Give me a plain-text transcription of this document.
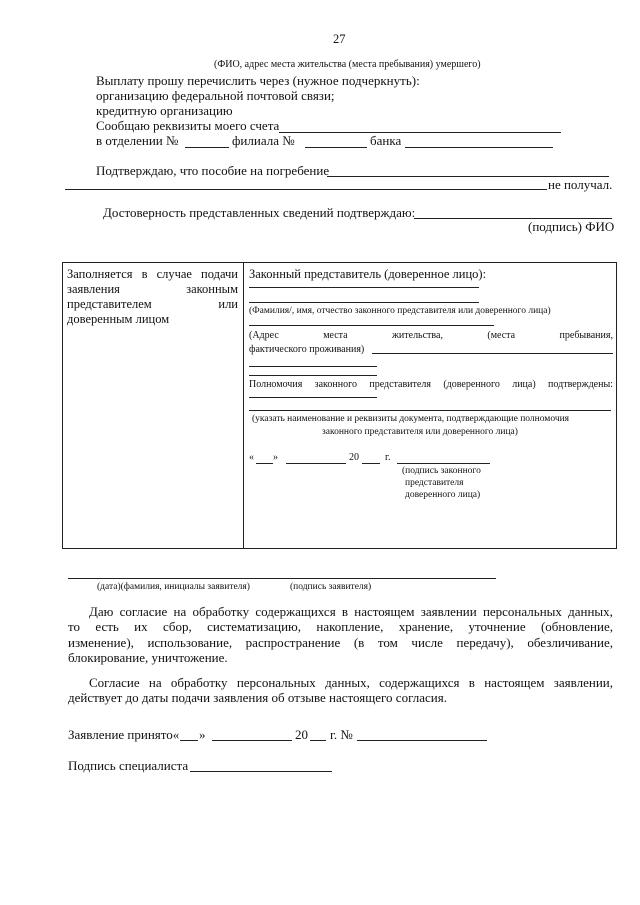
27
(ФИО, адрес места жительства (места пребывания) умершего)
Выплату прошу перечислить через (нужное подчеркнуть):
организацию федеральной почтовой связи;
кредитную организацию
Сообщаю реквизиты моего счета
в отделении №	филиала №	банка
Подтверждаю, что пособие на погребение
не получал.
Достоверность представленных сведений подтверждаю:
(подпись) ФИО
Заполняется в случае подачи
заявления	законным
представителем	или
доверенным лицом
Законный представитель (доверенное лицо):
(Фамилия/, имя, отчество законного представителя или доверенного лица)
(Адрес	места	жительства,	(места	пребывания,
фактического проживания)
Полномочия законного представителя (доверенного лица) подтверждены:
(указать наименование и реквизиты документа, подтверждающие полномочия
законного представителя или доверенного лица)
« »	20	г.
(подпись законного
представителя
доверенного лица)
(дата)(фамилия, инициалы заявителя)	(подпись заявителя)
Даю согласие на обработку содержащихся в настоящем заявлении персональных данных,
то есть их сбор, систематизацию, накопление, хранение, уточнение (обновление,
изменение), использование, распространение (в том числе передачу), обезличивание,
блокирование, уничтожение.
Согласие на обработку персональных данных, содержащихся в настоящем заявлении,
действует до даты подачи заявления об отзыве настоящего согласия.
Заявление принято« »	20 г. №
Подпись специалиста
